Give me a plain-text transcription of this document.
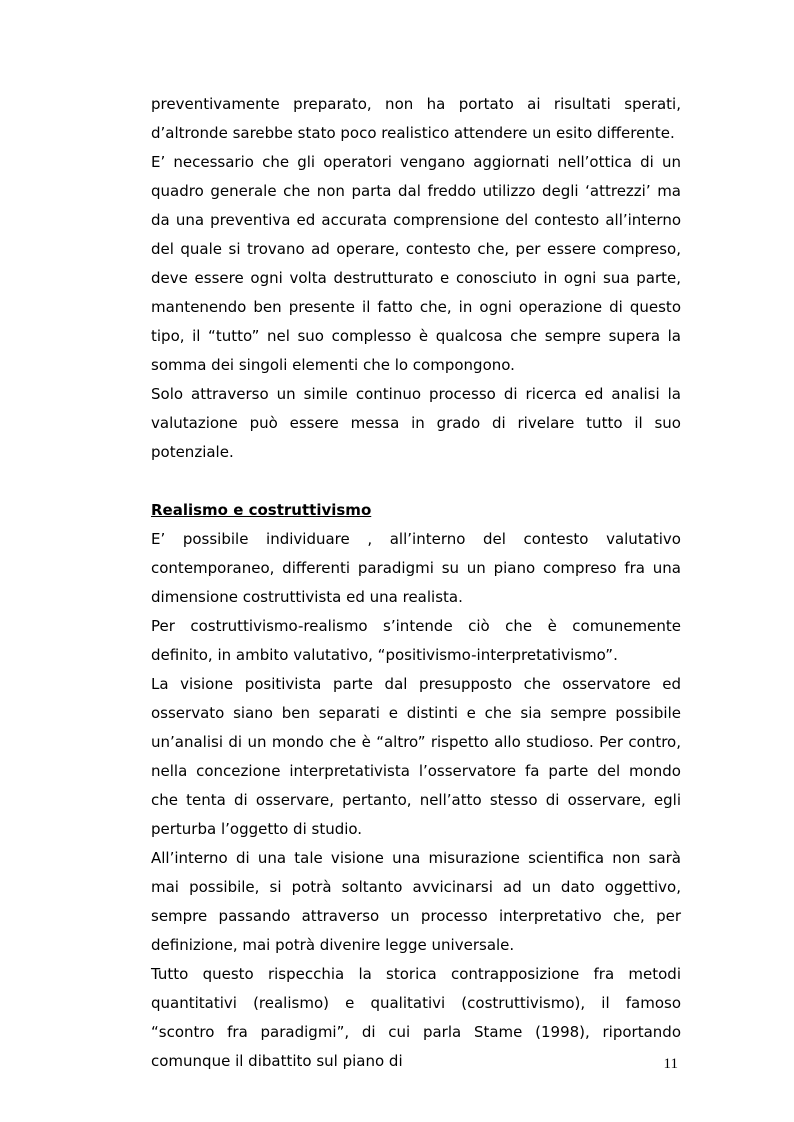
preventivamente preparato, non ha portato ai risultati sperati, d’altronde sarebbe stato poco realistico attendere un esito differente.

E’ necessario che gli operatori vengano aggiornati nell’ottica di un quadro generale che non parta dal freddo utilizzo degli ‘attrezzi’ ma da una preventiva ed accurata comprensione del contesto all’interno del quale si trovano ad operare, contesto che, per essere compreso, deve essere ogni volta destrutturato e conosciuto in ogni sua parte, mantenendo ben presente il fatto che, in ogni operazione di questo tipo, il “tutto” nel suo complesso è qualcosa che sempre supera la somma dei singoli elementi che lo compongono.

Solo attraverso un simile continuo processo di ricerca ed analisi la valutazione può essere messa in grado di rivelare tutto il suo potenziale.

Realismo e costruttivismo

E’ possibile individuare , all’interno del contesto valutativo contemporaneo, differenti paradigmi su un piano compreso fra una dimensione costruttivista ed una realista.

Per costruttivismo-realismo s’intende ciò che è comunemente definito, in ambito valutativo, “positivismo-interpretativismo”.

La visione positivista parte dal presupposto che osservatore ed osservato siano ben separati e distinti e che sia sempre possibile un’analisi di un mondo che è “altro” rispetto allo studioso. Per contro, nella concezione interpretativista l’osservatore fa parte del mondo che tenta di osservare, pertanto, nell’atto stesso di osservare, egli perturba l’oggetto di studio.

All’interno di una tale visione una misurazione scientifica non sarà mai possibile, si potrà soltanto avvicinarsi ad un dato oggettivo, sempre passando attraverso un processo interpretativo che, per definizione, mai potrà divenire legge universale.

Tutto questo rispecchia la storica contrapposizione fra metodi quantitativi (realismo) e qualitativi (costruttivismo), il famoso “scontro fra paradigmi”, di cui parla Stame (1998), riportando comunque il dibattito sul piano di	11
